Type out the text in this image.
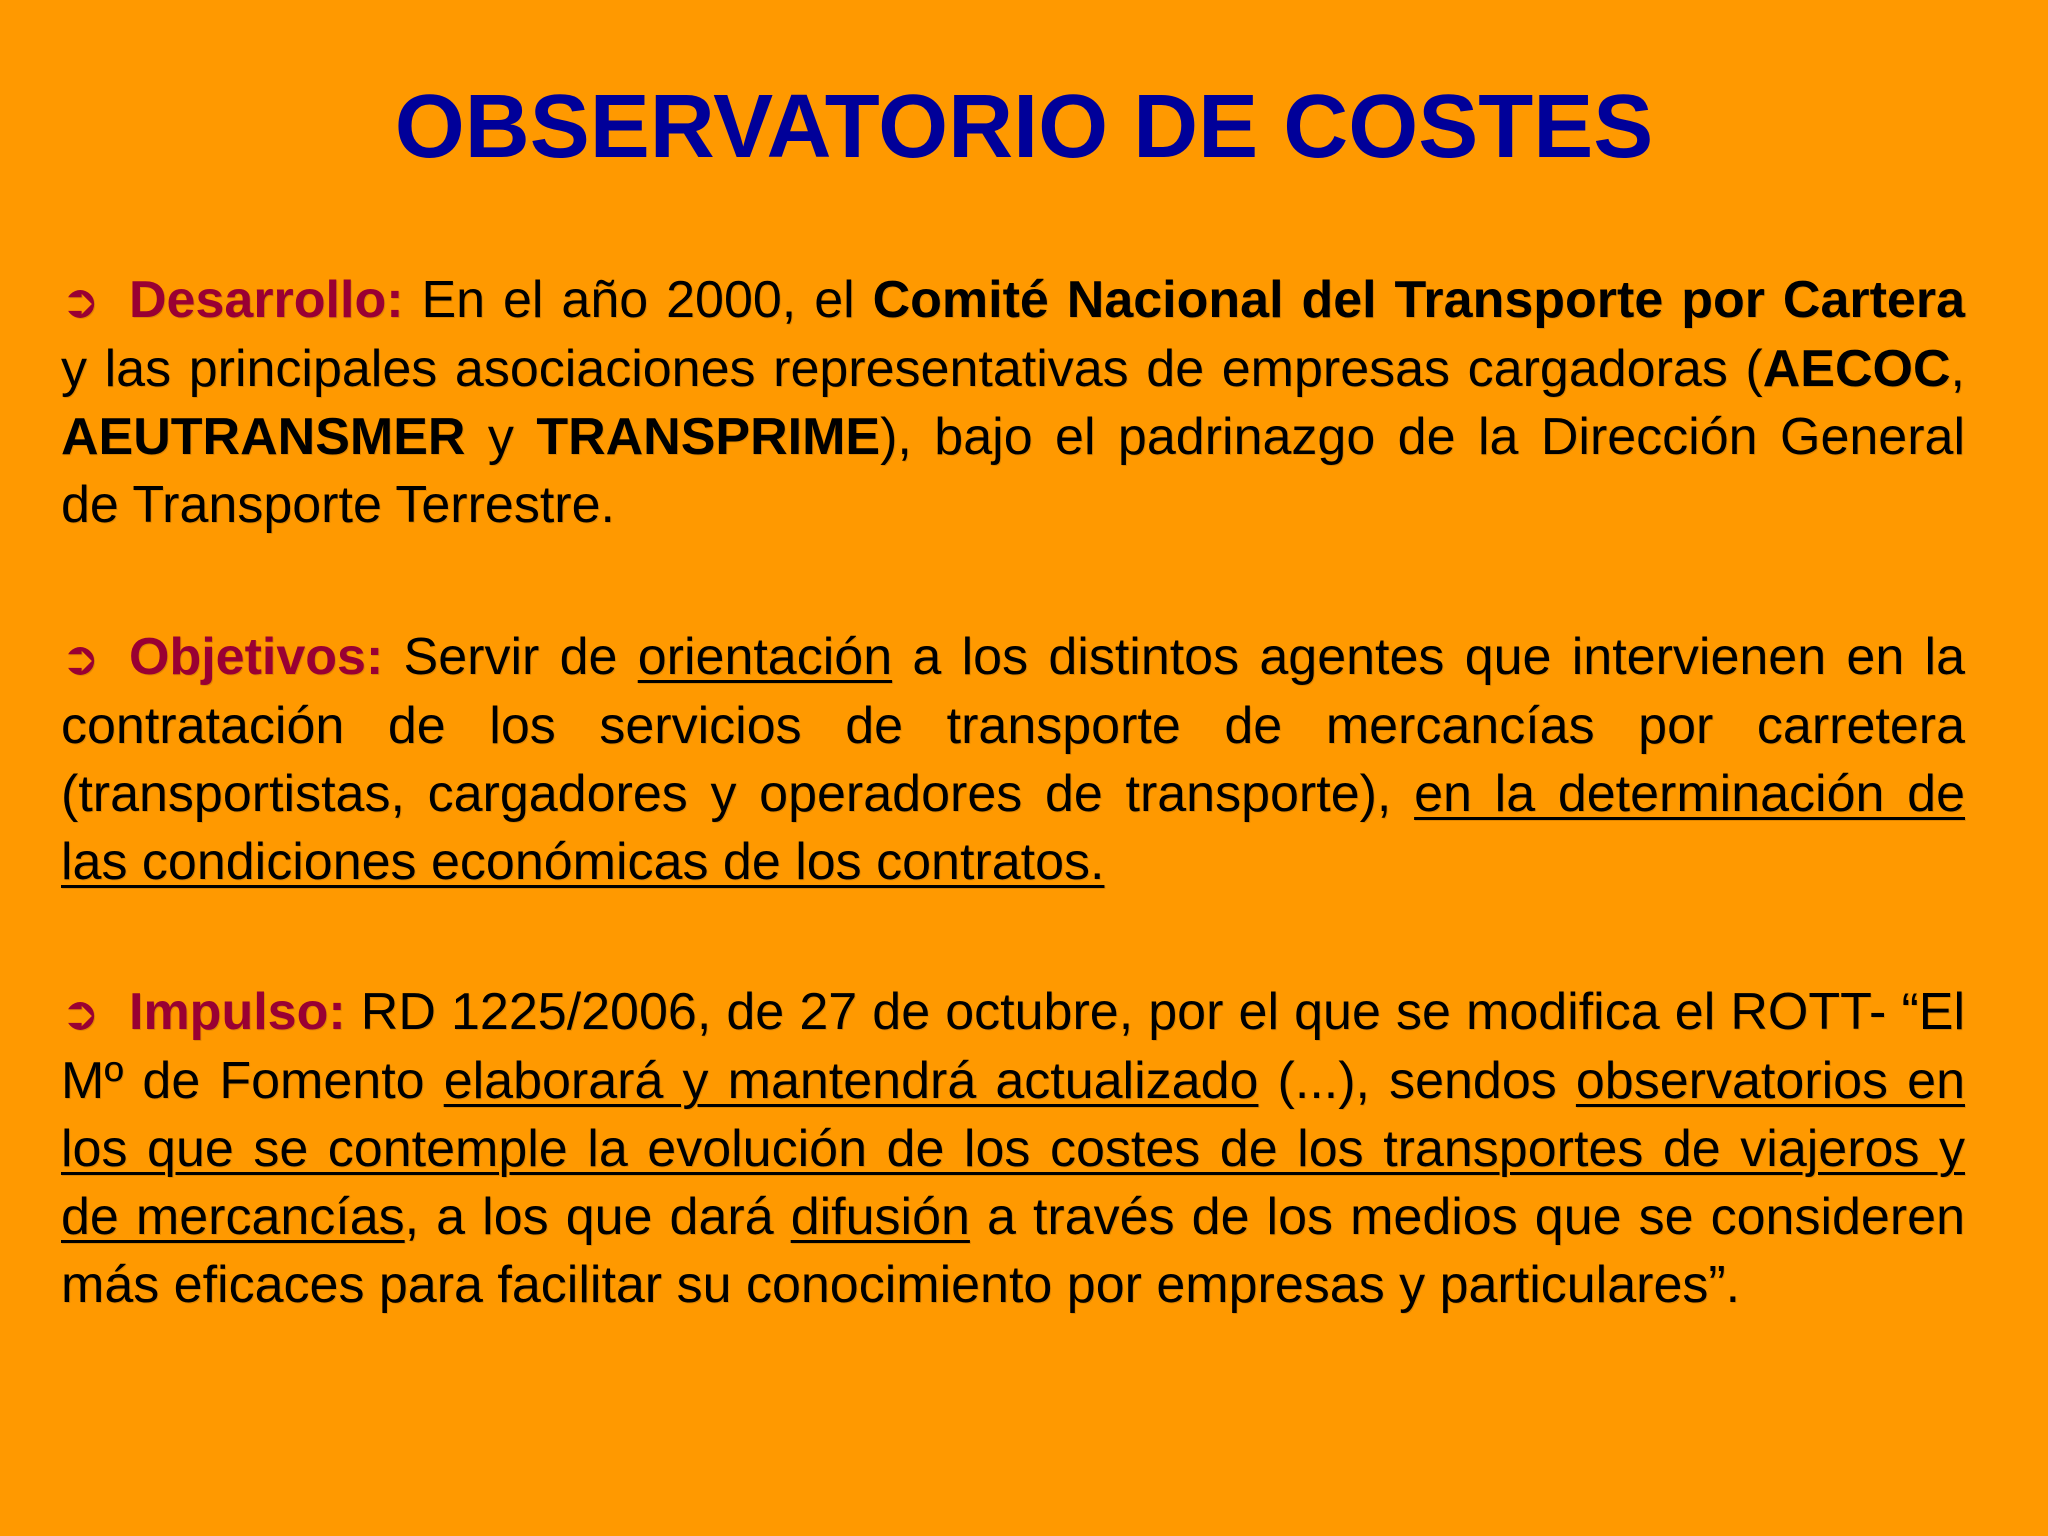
OBSERVATORIO DE COSTES

➲ Desarrollo: En el año 2000, el Comité Nacional del Transporte por Cartera y las principales asociaciones representativas de empresas cargadoras (AECOC, AEUTRANSMER y TRANSPRIME), bajo el padrinazgo de la Dirección General de Transporte Terrestre.

➲ Objetivos: Servir de orientación a los distintos agentes que intervienen en la contratación de los servicios de transporte de mercancías por carretera (transportistas, cargadores y operadores de transporte), en la determinación de las condiciones económicas de los contratos.

➲ Impulso: RD 1225/2006, de 27 de octubre, por el que se modifica el ROTT- “El Mº de Fomento elaborará y mantendrá actualizado (...), sendos observatorios en los que se contemple la evolución de los costes de los transportes de viajeros y de mercancías, a los que dará difusión a través de los medios que se consideren más eficaces para facilitar su conocimiento por empresas y particulares”.
